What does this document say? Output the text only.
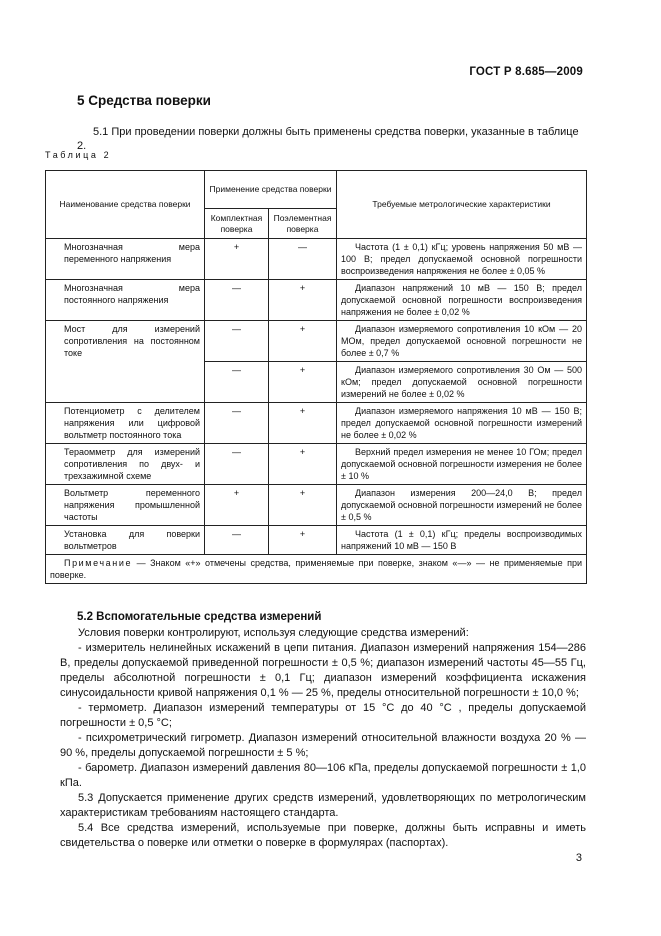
ГОСТ Р 8.685—2009
5 Средства поверки
5.1 При проведении поверки должны быть применены средства поверки, указанные в таблице 2.
Таблица 2
Наименование средства поверки	Применение средства поверки		Требуемые метрологические характеристики
	Комплектная поверка	Поэлементная поверка	
Многозначная мера переменного напряжения	+	—	Частота (1 ± 0,1) кГц; уровень напряжения 50 мВ — 100 В; предел допускаемой основной погрешности воспроизведения напряжения не более ± 0,05 %
Многозначная мера постоянного напряжения	—	+	Диапазон напряжений 10 мВ — 150 В; предел допускаемой основной погрешности воспроизведения напряжения не более ± 0,02 %
Мост для измерений сопротивления на постоянном токе	—	+	Диапазон измеряемого сопротивления 10 кОм — 20 МОм, предел допускаемой основной погрешности не более ± 0,7 %
	—	+	Диапазон измеряемого сопротивления 30 Ом — 500 кОм; предел допускаемой основной погрешности измерений не более ± 0,02 %
Потенциометр с делителем напряжения или цифровой вольтметр постоянного тока	—	+	Диапазон измеряемого напряжения 10 мВ — 150 В; предел допускаемой основной погрешности измерений не более ± 0,02 %
Тераомметр для измерений сопротивления по двух- и трехзажимной схеме	—	+	Верхний предел измерения не менее 10 ГОм; предел допускаемой основной погрешности измерения не более ± 10 %
Вольтметр переменного напряжения промышленной частоты	+	+	Диапазон измерения 200—24,0 В; предел допускаемой основной погрешности измерений не более ± 0,5 %
Установка для поверки вольтметров	—	+	Частота (1 ± 0,1) кГц; пределы воспроизводимых напряжений 10 мВ — 150 В
Примечание — Знаком «+» отмечены средства, применяемые при поверке, знаком «—» — не применяемые при поверке.			
5.2 Вспомогательные средства измерений

Условия поверки контролируют, используя следующие средства измерений:

- измеритель нелинейных искажений в цепи питания. Диапазон измерений напряжения 154—286 В, пределы допускаемой приведенной погрешности ± 0,5 %; диапазон измерений частоты 45—55 Гц, пределы абсолютной погрешности ± 0,1 Гц; диапазон измерений коэффициента искажения синусоидальности кривой напряжения 0,1 % — 25 %, пределы относительной погрешности ± 10,0 %;

- термометр. Диапазон измерений температуры от 15 °С до 40 °С , пределы допускаемой погрешности ± 0,5 °С;

- психрометрический гигрометр. Диапазон измерений относительной влажности воздуха 20 % — 90 %, пределы допускаемой погрешности ± 5 %;

- барометр. Диапазон измерений давления 80—106 кПа, пределы допускаемой погрешности ± 1,0 кПа.

5.3 Допускается применение других средств измерений, удовлетворяющих по метрологическим характеристикам требованиям настоящего стандарта.

5.4 Все средства измерений, используемые при поверке, должны быть исправны и иметь свидетельства о поверке или отметки о поверке в формулярах (паспортах).

3
